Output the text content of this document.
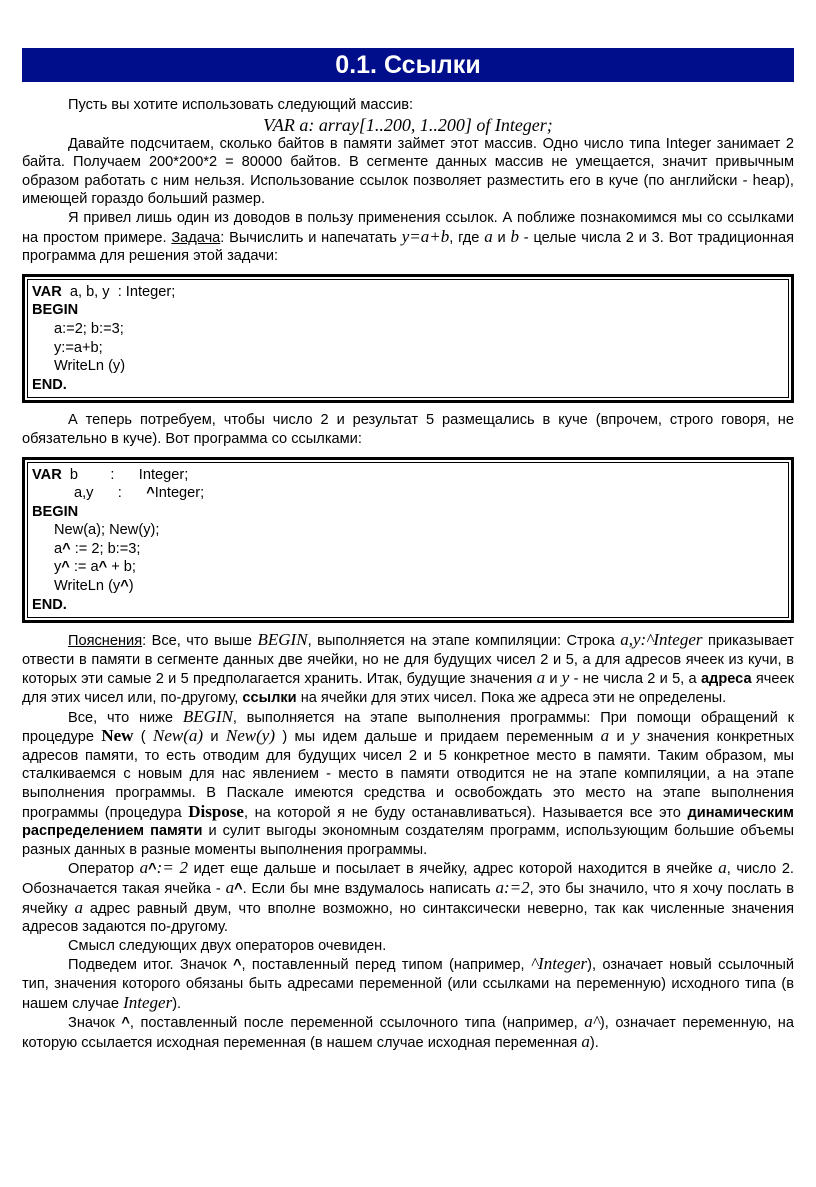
0.1. Ссылки

Пусть вы хотите использовать следующий массив:

VAR a: array[1..200, 1..200] of Integer;

Давайте подсчитаем, сколько байтов в памяти займет этот массив. Одно число типа Integer занимает 2 байта. Получаем 200*200*2 = 80000 байтов. В сегменте данных массив не умещается, значит привычным образом работать с ним нельзя. Использование ссылок позволяет разместить его в куче (по английски - heap), имеющей гораздо больший размер.

Я привел лишь один из доводов в пользу применения ссылок. А поближе познакомимся мы со ссылками на простом примере. Задача: Вычислить и напечатать y=a+b, где a и b - целые числа 2 и 3. Вот традиционная программа для решения этой задачи:

VAR  a, b, y  : Integer;
BEGIN
a:=2; b:=3;
y:=a+b;
WriteLn (y)
END.

А теперь потребуем, чтобы число 2 и результат 5 размещались в куче (впрочем, строго говоря, не обязательно в куче). Вот программа со ссылками:

VAR  b        :      Integer;
a,y      :      ^Integer;
BEGIN
New(a); New(y);
a^ := 2; b:=3;
y^ := a^ + b;
WriteLn (y^)
END.

Пояснения: Все, что выше BEGIN, выполняется на этапе компиляции: Строка a,y:^Integer приказывает отвести в памяти в сегменте данных две ячейки, но не для будущих чисел 2 и 5, а для адресов ячеек из кучи, в которых эти самые 2 и 5 предполагается хранить. Итак, будущие значения a и y - не числа 2 и 5, а адреса ячеек для этих чисел или, по-другому, ссылки на ячейки для этих чисел. Пока же адреса эти не определены.

Все, что ниже BEGIN, выполняется на этапе выполнения программы: При помощи обращений к процедуре New ( New(a) и New(y) ) мы идем дальше и придаем переменным a и y значения конкретных адресов памяти, то есть отводим для будущих чисел 2 и 5 конкретное место в памяти. Таким образом, мы сталкиваемся с новым для нас явлением - место в памяти отводится не на этапе компиляции, а на этапе выполнения программы. В Паскале имеются средства и освобождать это место на этапе выполнения программы (процедура Dispose, на которой я не буду останавливаться). Называется все это динамическим распределением памяти и сулит выгоды экономным создателям программ, использующим большие объемы разных данных в разные моменты выполнения программы.

Оператор a^:= 2 идет еще дальше и посылает в ячейку, адрес которой находится в ячейке a, число 2. Обозначается такая ячейка - a^. Если бы мне вздумалось написать a:=2, это бы значило, что я хочу послать в ячейку a адрес равный двум, что вполне возможно, но синтаксически неверно, так как численные значения адресов задаются по-другому.

Смысл следующих двух операторов очевиден.

Подведем итог. Значок ^, поставленный перед типом (например, ^Integer), означает новый ссылочный тип, значения которого обязаны быть адресами переменной (или ссылками на переменную) исходного типа (в нашем случае Integer).

Значок ^, поставленный после переменной ссылочного типа (например, a^), означает переменную, на которую ссылается исходная переменная (в нашем случае исходная переменная a).
